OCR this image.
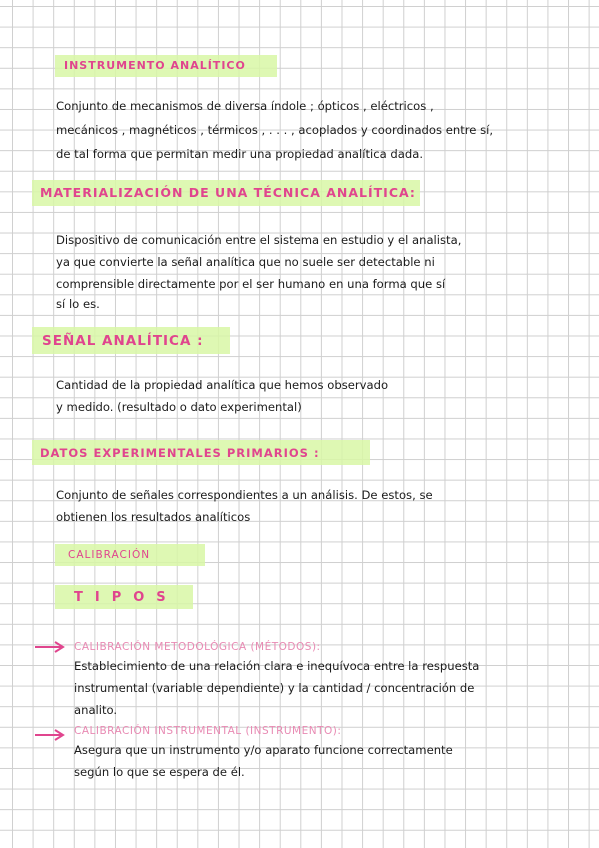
INSTRUMENTO ANALÍTICO
Conjunto de mecanismos de diversa índole ; ópticos , eléctricos ,
mecánicos , magnéticos , térmicos , . . . , acoplados y coordinados entre sí,
de tal forma que permitan medir una propiedad analítica dada.
MATERIALIZACIÓN DE UNA TÉCNICA ANALÍTICA:
Dispositivo de comunicación entre el sistema en estudio y el analista,
ya que convierte la señal analítica que no suele ser detectable ni
comprensible directamente por el ser humano en una forma que sí
sí lo es.
SEÑAL ANALÍTICA :
Cantidad de la propiedad analítica que hemos observado
y medido. (resultado o dato experimental)
DATOS EXPERIMENTALES PRIMARIOS :
Conjunto de señales correspondientes a un análisis. De estos, se
obtienen los resultados analíticos
CALIBRACIÓN
TIPOS
CALIBRACIÓN METODOLÓGICA (MÉTODOS):
Establecimiento de una relación clara e inequívoca entre la respuesta
instrumental (variable dependiente) y la cantidad / concentración de
analito.
CALIBRACIÓN INSTRUMENTAL (INSTRUMENTO):
Asegura que un instrumento y/o aparato funcione correctamente
según lo que se espera de él.
